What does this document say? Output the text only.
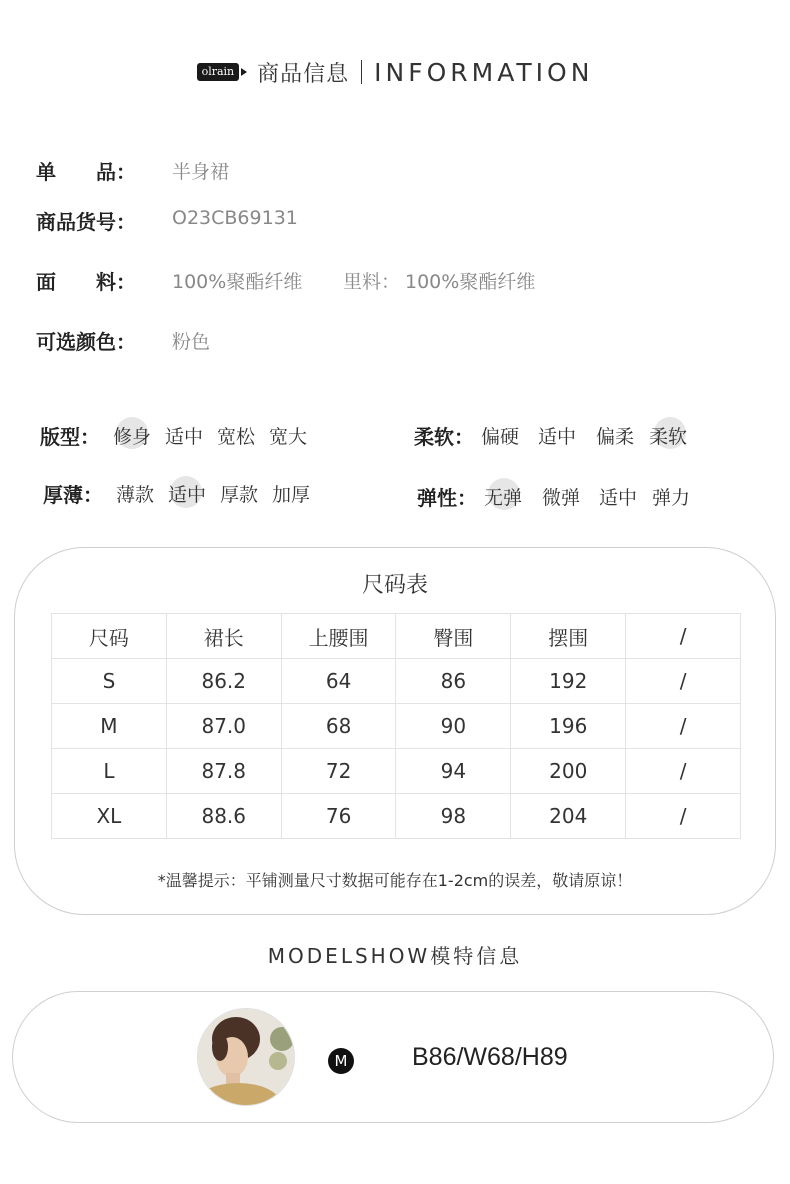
olrain 商品信息 INFORMATION
单　　品： 半身裙
商品货号： O23CB69131
面　　料： 100%聚酯纤维 里料： 100%聚酯纤维
可选颜色： 粉色
版型： 修身 适中 宽松 宽大	柔软： 偏硬 适中 偏柔 柔软
厚薄： 薄款 适中 厚款 加厚	弹性： 无弹 微弹 适中 弹力
尺码表
尺码	裙长	上腰围	臀围	摆围	/
S	86.2	64	86	192	/
M	87.0	68	90	196	/
L	87.8	72	94	200	/
XL	88.6	76	98	204	/
*温馨提示：平铺测量尺寸数据可能存在1-2cm的误差，敬请原谅！
MODELSHOW模特信息
M	B86/W68/H89
